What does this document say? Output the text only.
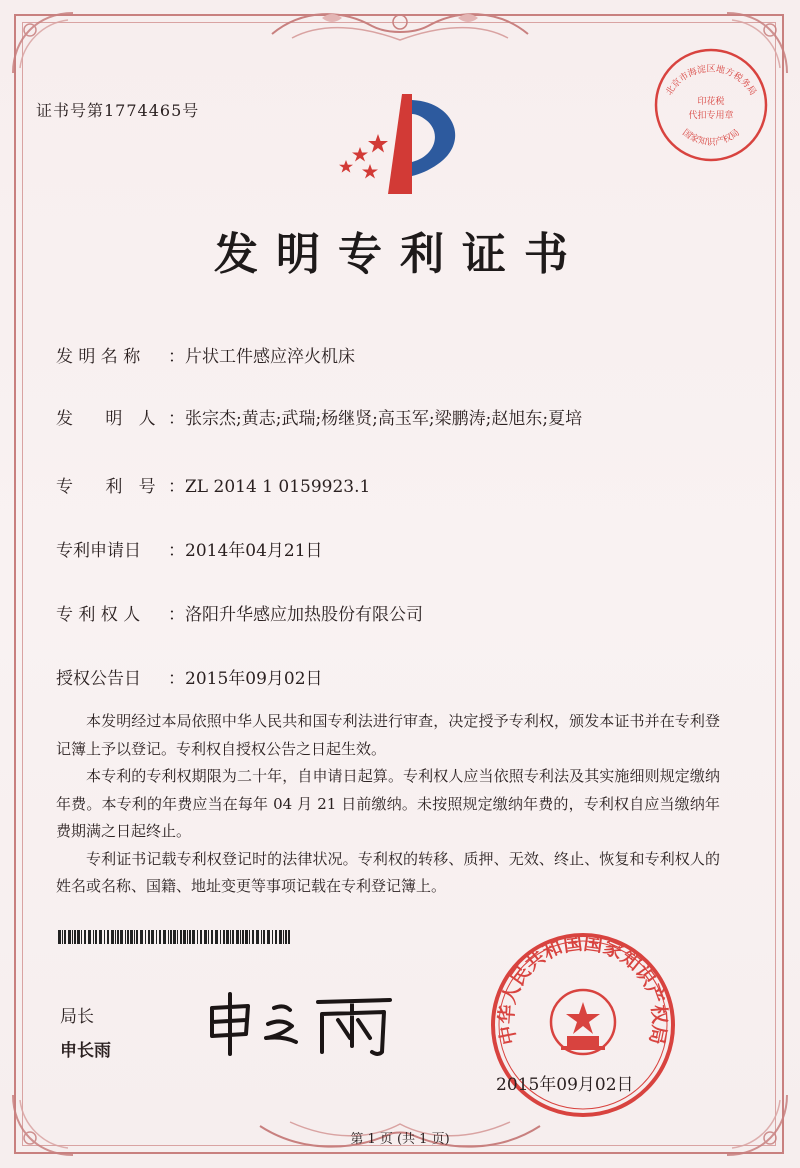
证书号第1774465号
北京市海淀区地方税务局
印花税
代扣专用章
国家知识产权局
发明专利证书
发 明 名 称 ：片状工件感应淬火机床
发      明   人 ：张宗杰;黄志;武瑞;杨继贤;高玉军;梁鹏涛;赵旭东;夏培
专      利   号 ：ZL 2014 1 0159923.1
专利申请日 ：2014年04月21日
专 利 权 人 ：洛阳升华感应加热股份有限公司
授权公告日 ：2015年09月02日

本发明经过本局依照中华人民共和国专利法进行审查，决定授予专利权，颁发本证书并在专利登记簿上予以登记。专利权自授权公告之日起生效。

本专利的专利权期限为二十年，自申请日起算。专利权人应当依照专利法及其实施细则规定缴纳年费。本专利的年费应当在每年 04 月 21 日前缴纳。未按照规定缴纳年费的，专利权自应当缴纳年费期满之日起终止。

专利证书记载专利权登记时的法律状况。专利权的转移、质押、无效、终止、恢复和专利权人的姓名或名称、国籍、地址变更等事项记载在专利登记簿上。

局长
申长雨
中华人民共和国国家知识产权局
2015年09月02日
第 1 页 (共 1 页)
